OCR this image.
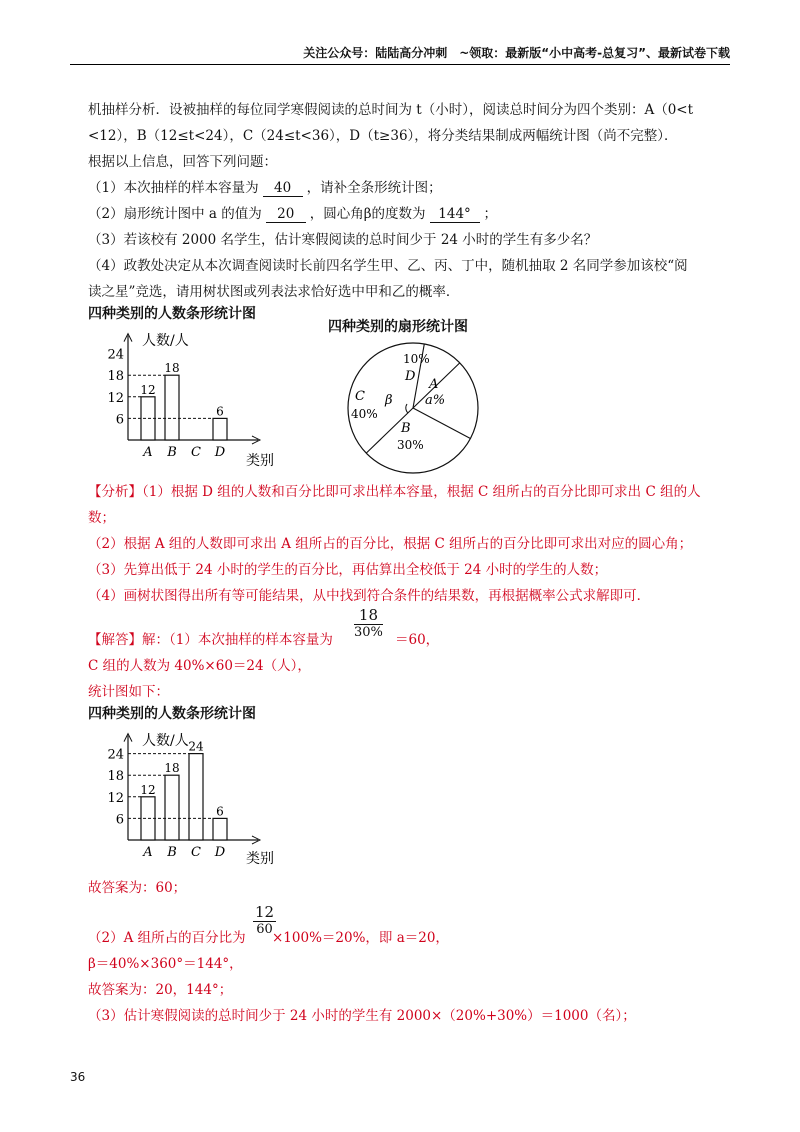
关注公众号：陆陆高分冲刺　~领取：最新版“小中高考-总复习”、最新试卷下载
机抽样分析．设被抽样的每位同学寒假阅读的总时间为 t（小时），阅读总时间分为四个类别：A（0<t
<12），B（12≤t<24），C（24≤t<36），D（t≥36），将分类结果制成两幅统计图（尚不完整）．
根据以上信息，回答下列问题：
（1）本次抽样的样本容量为 40 ，请补全条形统计图；
（2）扇形统计图中 a 的值为 20 ，圆心角β的度数为 144° ；
（3）若该校有 2000 名学生，估计寒假阅读的总时间少于 24 小时的学生有多少名？
（4）政教处决定从本次调查阅读时长前四名学生甲、乙、丙、丁中，随机抽取 2 名同学参加该校“阅
读之星”竞选，请用树状图或列表法求恰好选中甲和乙的概率．
四种类别的人数条形统计图
人数/人
类别
6
12
18
24
A
12
B
18
C D
6
四种类别的扇形统计图
10%
D
A
a%
C
40%
β
B
30%
【分析】（1）根据 D 组的人数和百分比即可求出样本容量，根据 C 组所占的百分比即可求出 C 组的人
数；
（2）根据 A 组的人数即可求出 A 组所占的百分比，根据 C 组所占的百分比即可求出对应的圆心角；
（3）先算出低于 24 小时的学生的百分比，再估算出全校低于 24 小时的学生的人数；
（4）画树状图得出所有等可能结果，从中找到符合条件的结果数，再根据概率公式求解即可．
【解答】解：（1）本次抽样的样本容量为 $\frac{18}{30\%} =60$，
C 组的人数为 40%×60＝24（人），
统计图如下：
四种类别的人数条形统计图
人数/人
类别
6
12
18
24
A
12
B
18
C
24
D
6
故答案为：60；
（2）A 组所占的百分比为
$\frac{12}{60}$
×100%＝20%，即 a＝20，
β＝40%×360°＝144°，
故答案为：20，144°；
（3）估计寒假阅读的总时间少于 24 小时的学生有 2000×（20%+30%）＝1000（名）；
36
